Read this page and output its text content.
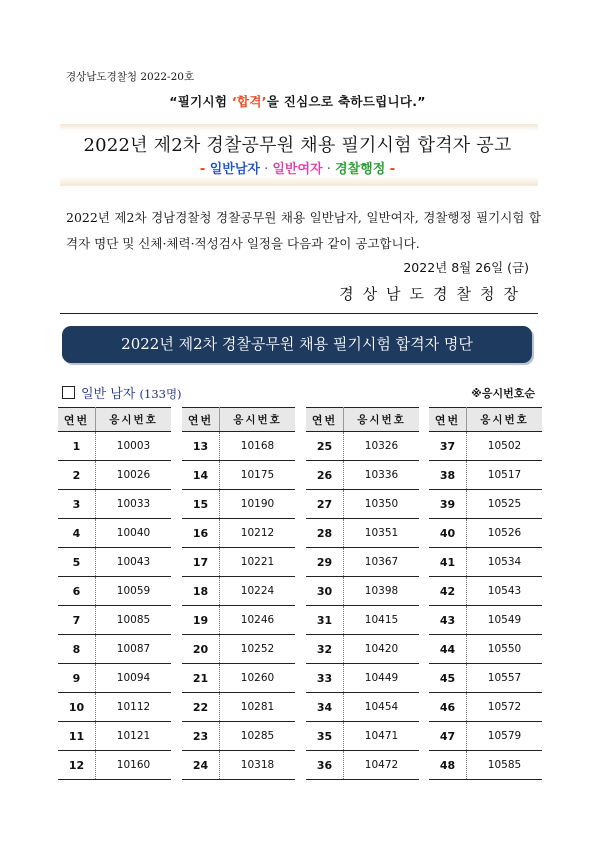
경상남도경찰청 2022-20호
“필기시험 ‘합격’을 진심으로 축하드립니다.”
2022년 제2차 경찰공무원 채용 필기시험 합격자 공고
- 일반남자 · 일반여자 · 경찰행정 -
2022년 제2차 경남경찰청 경찰공무원 채용 일반남자, 일반여자, 경찰행정 필기시험 합격자 명단 및 신체·체력·적성검사 일정을 다음과 같이 공고합니다.
2022년 8월 26일 (금)
경상남도경찰청장
2022년 제2차 경찰공무원 채용 필기시험 합격자 명단
일반 남자 (133명)	※응시번호순
연번	응시번호
1	10003
2	10026
3	10033
4	10040
5	10043
6	10059
7	10085
8	10087
9	10094
10	10112
11	10121
12	10160
연번	응시번호
13	10168
14	10175
15	10190
16	10212
17	10221
18	10224
19	10246
20	10252
21	10260
22	10281
23	10285
24	10318
연번	응시번호
25	10326
26	10336
27	10350
28	10351
29	10367
30	10398
31	10415
32	10420
33	10449
34	10454
35	10471
36	10472
연번	응시번호
37	10502
38	10517
39	10525
40	10526
41	10534
42	10543
43	10549
44	10550
45	10557
46	10572
47	10579
48	10585
